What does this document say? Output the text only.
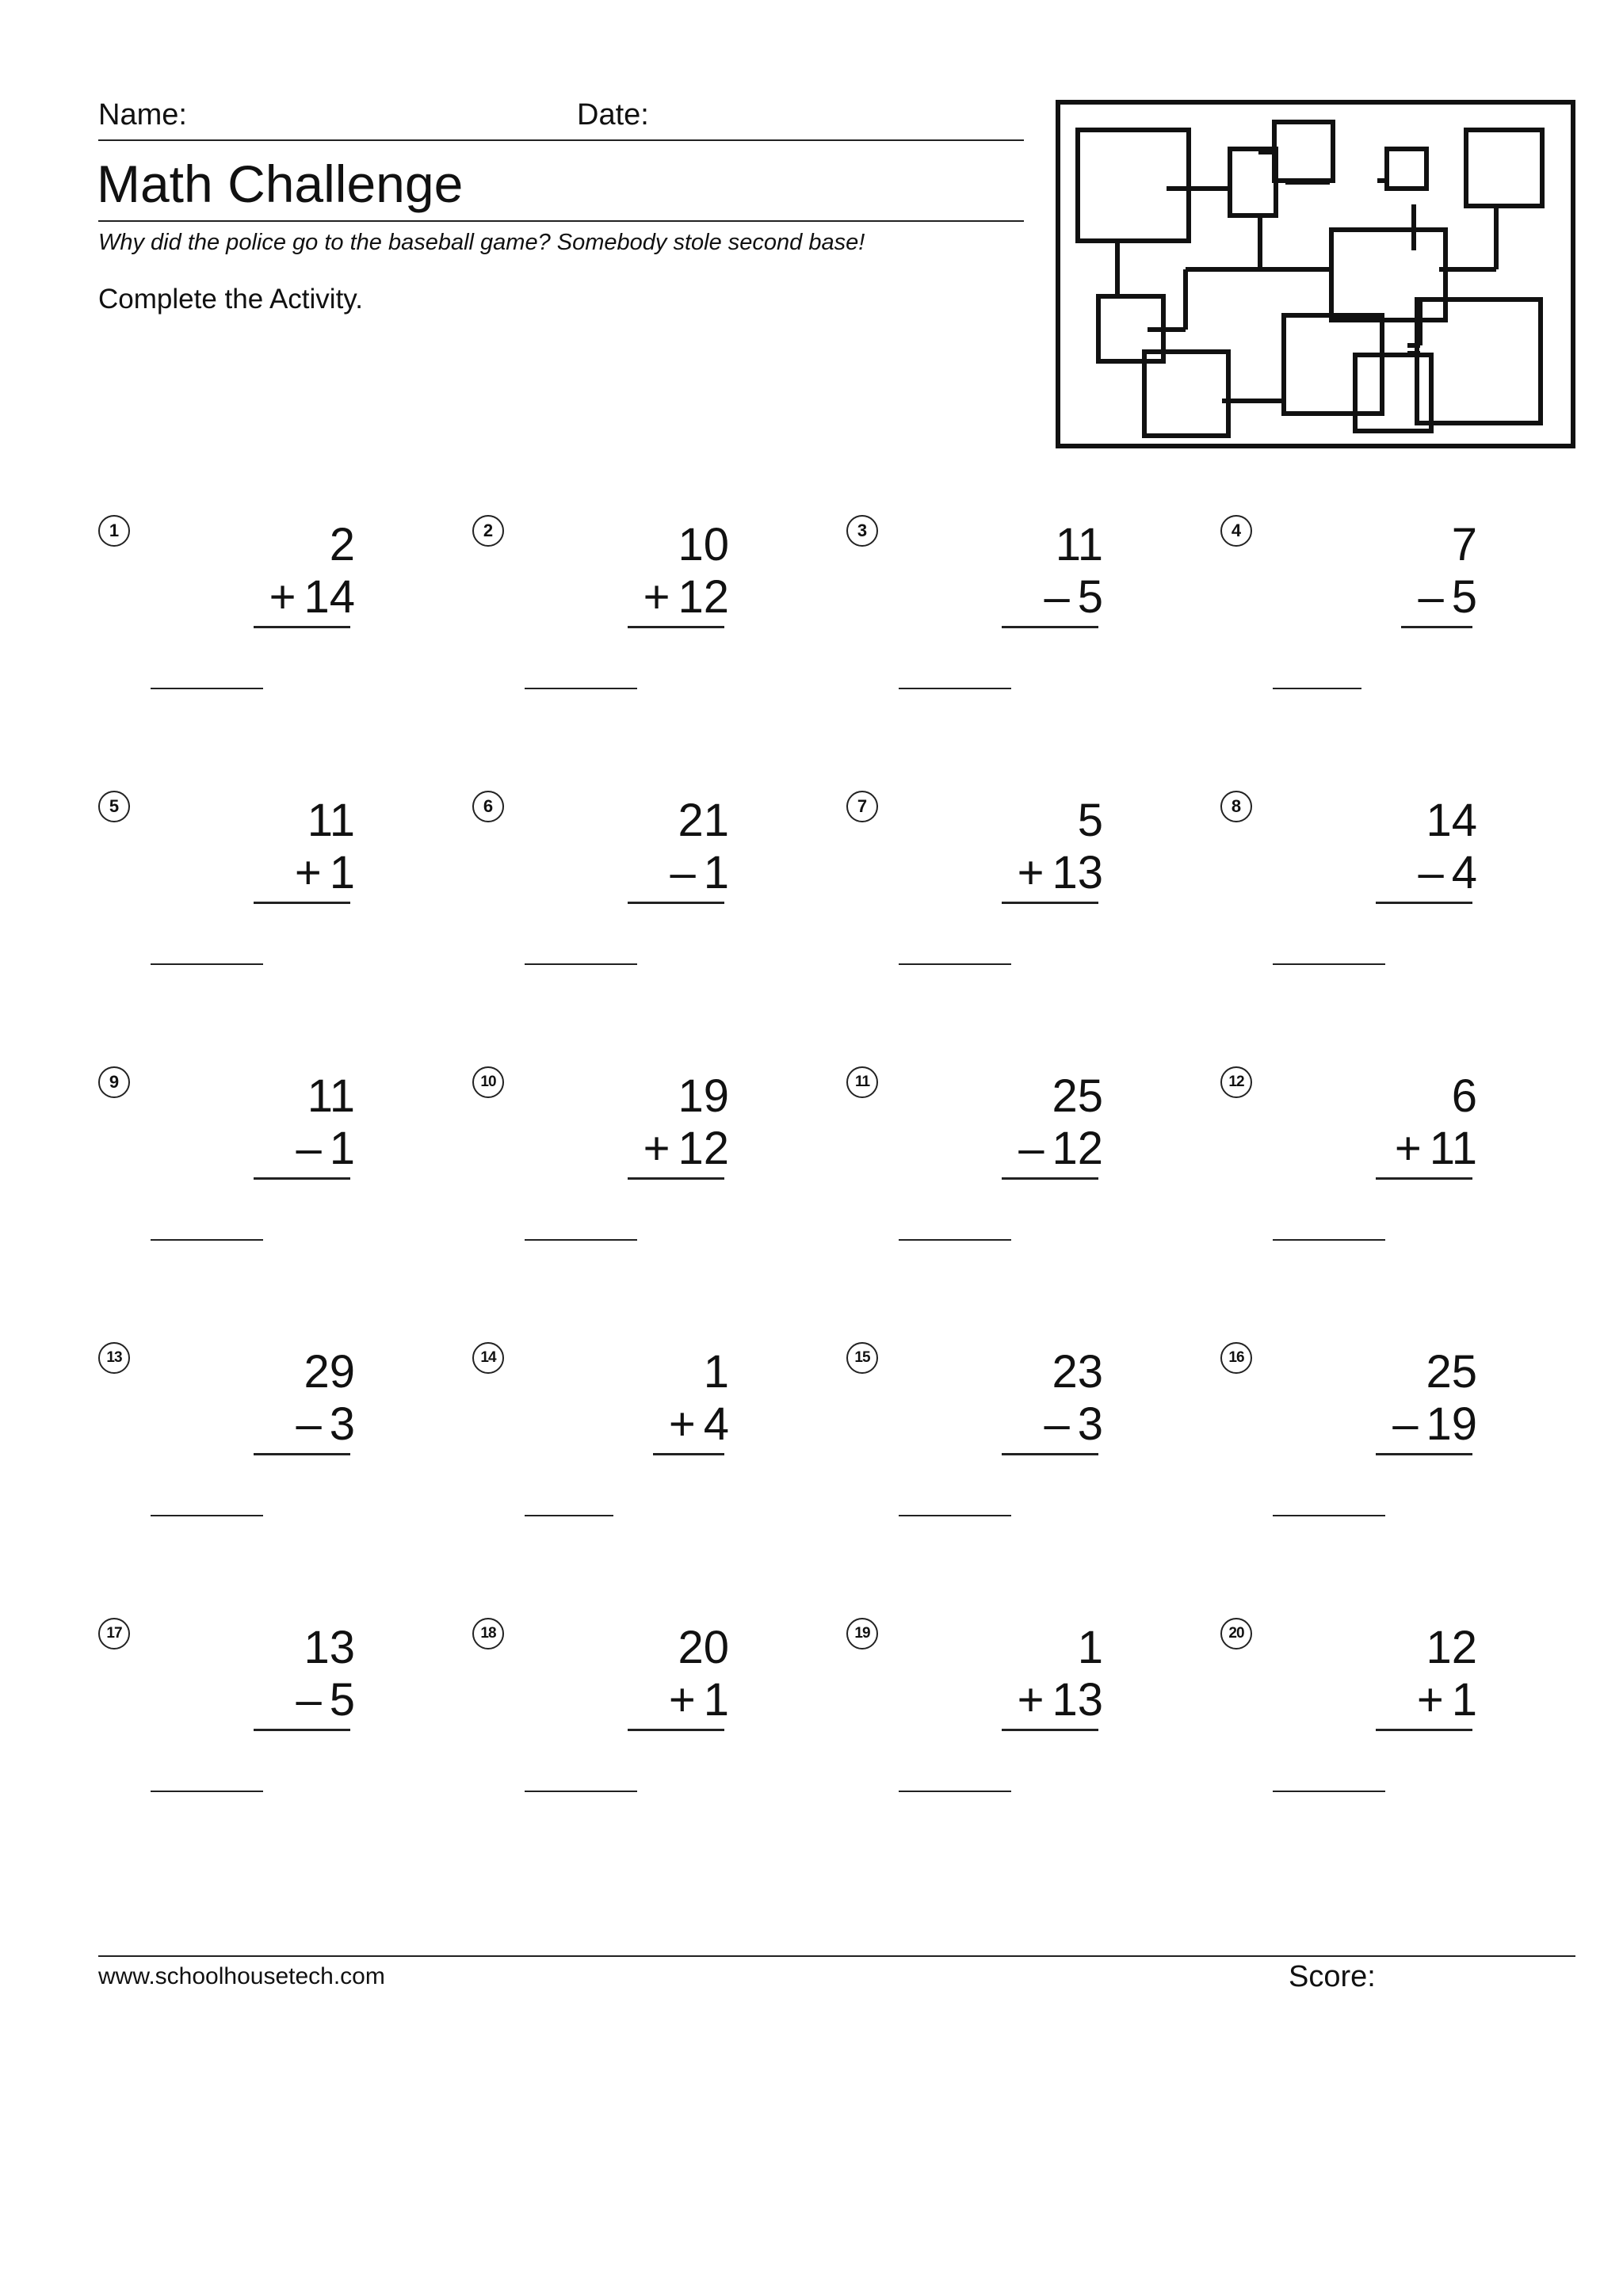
Name:	Date:
Math Challenge
Why did the police go to the baseball game? Somebody stole second base!
Complete the Activity.
1	2
+ 14
2	10
+ 12
3	11
– 5
4	7
– 5
5	11
+ 1
6	21
– 1
7	5
+ 13
8	14
– 4
9	11
– 1
10	19
+ 12
11	25
– 12
12	6
+ 11
13	29
– 3
14	1
+ 4
15	23
– 3
16	25
– 19
17	13
– 5
18	20
+ 1
19	1
+ 13
20	12
+ 1
www.schoolhousetech.com	Score:
